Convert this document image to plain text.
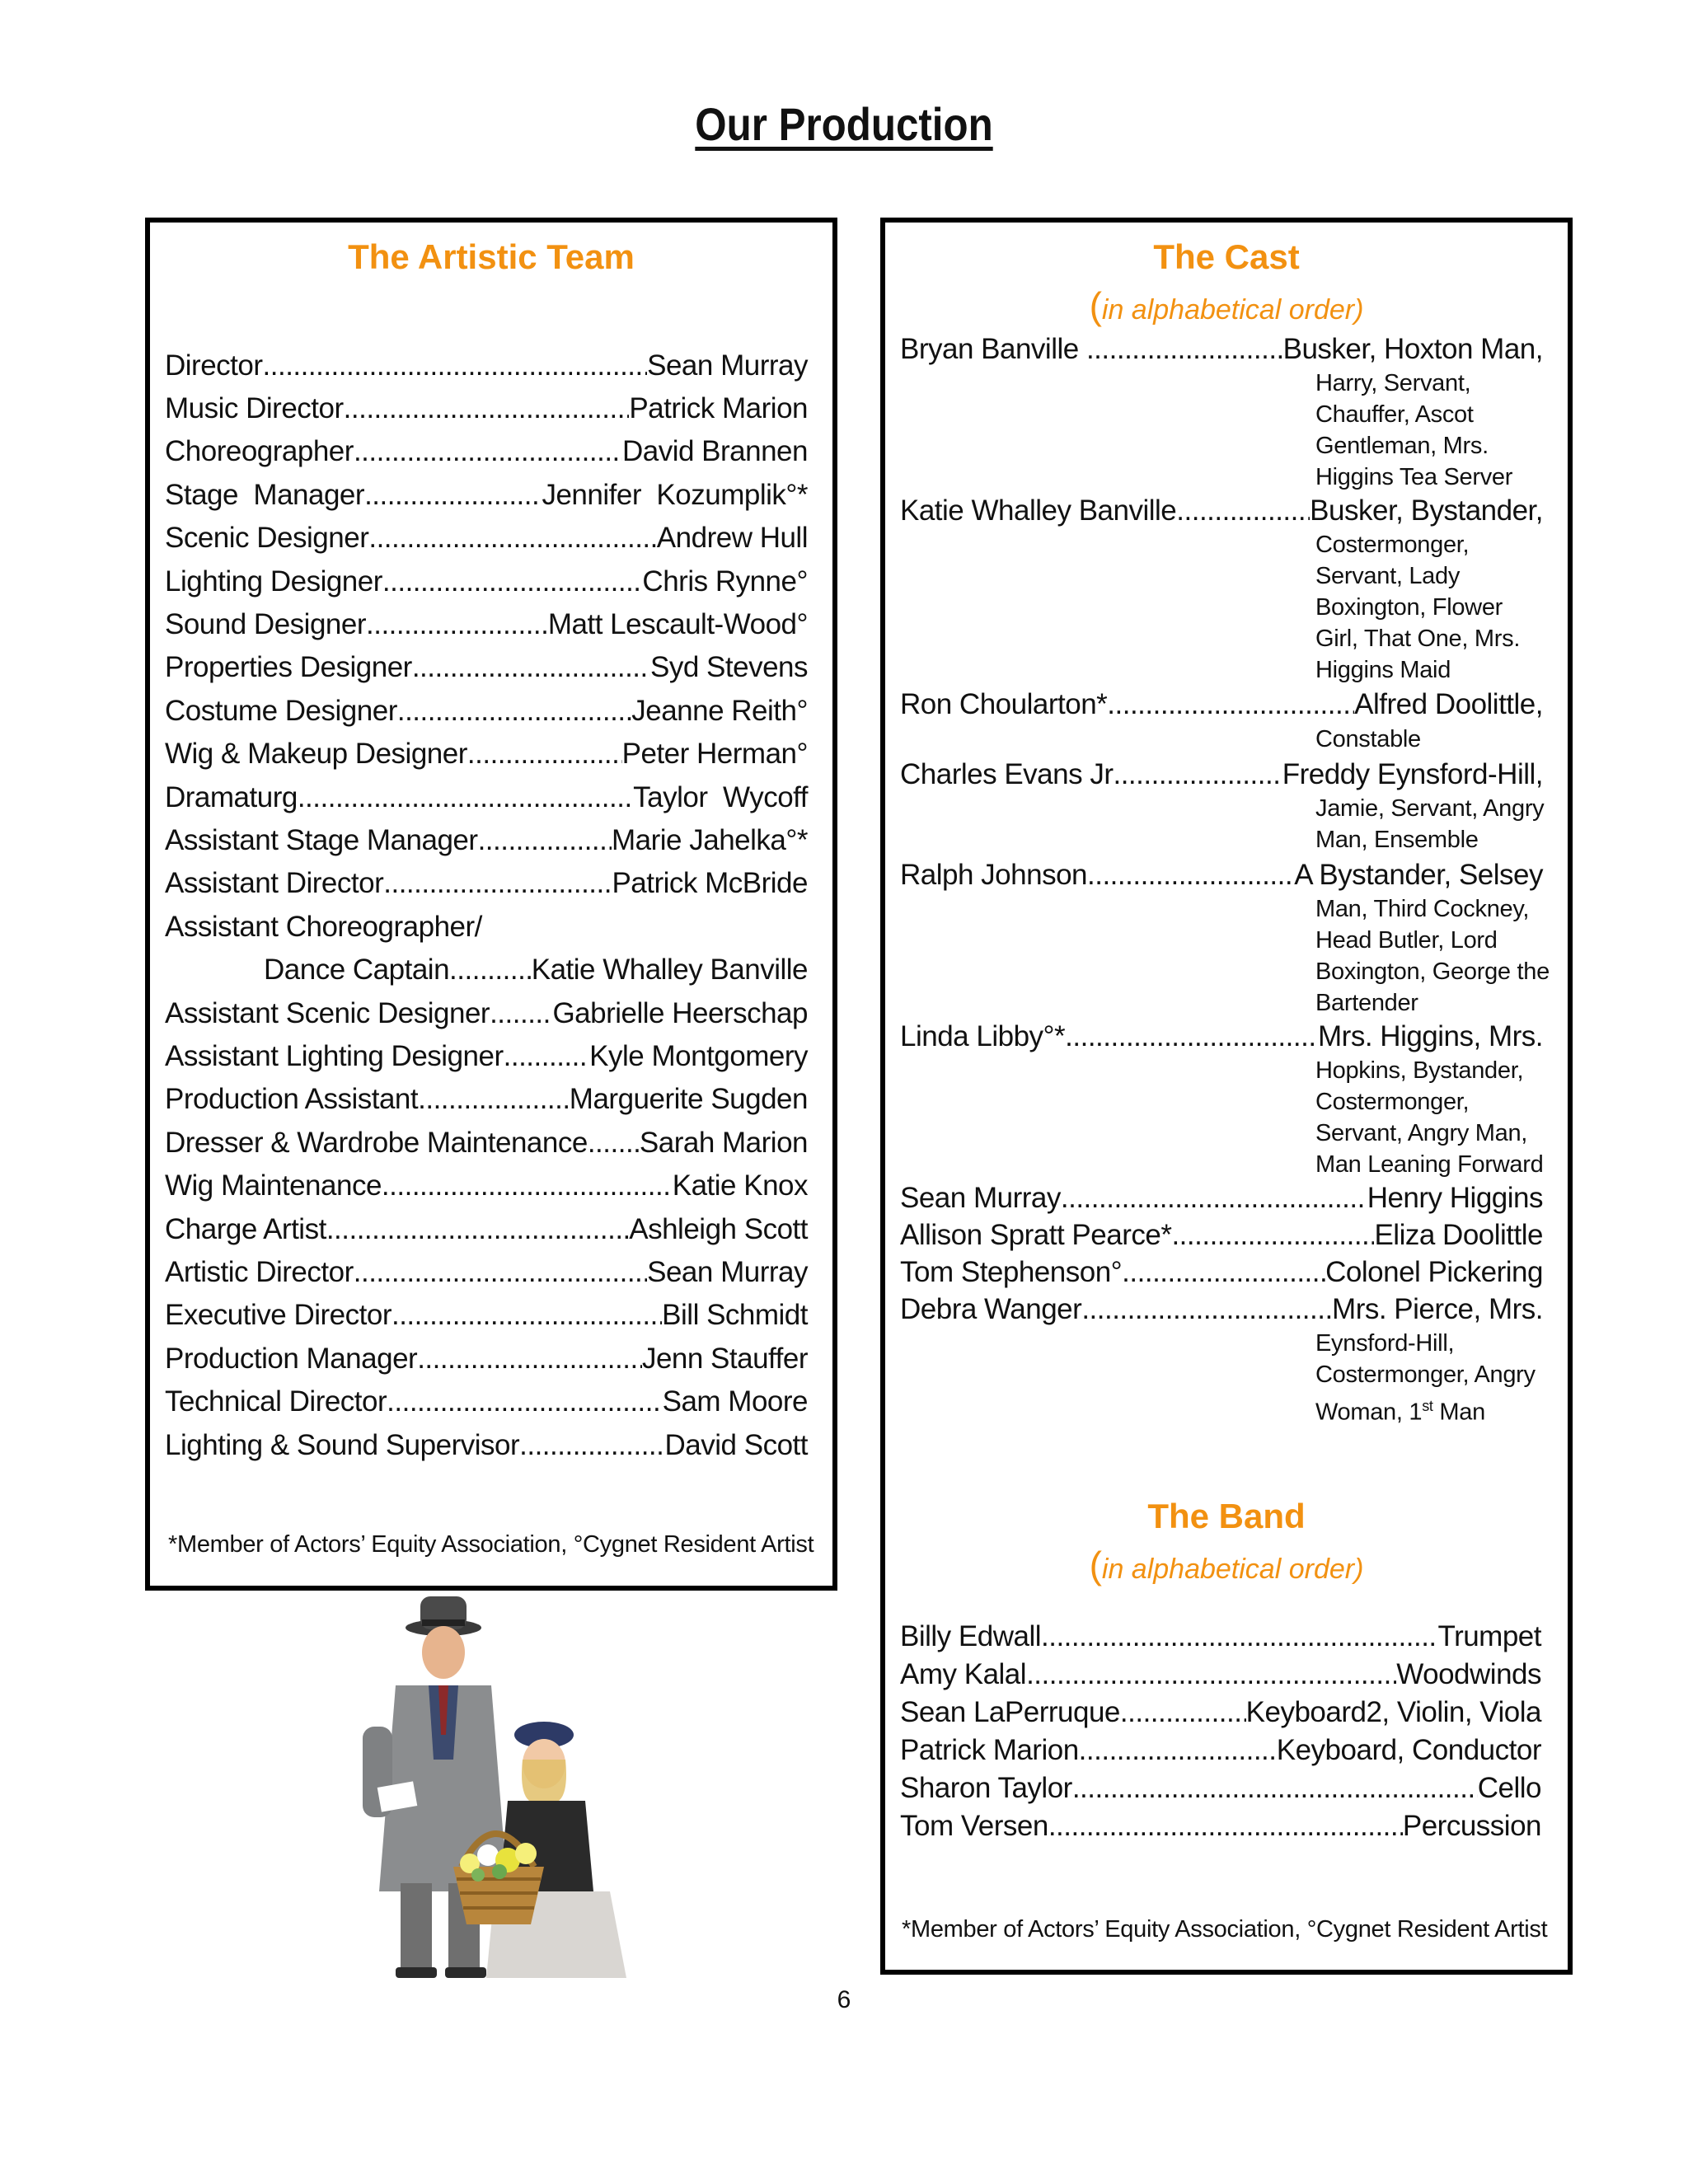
Our Production
The Artistic Team
Director .....	Sean Murray
Music Director .....	Patrick Marion
Choreographer .....	David Brannen
Stage  Manager .....	Jennifer  Kozumplik°*
Scenic Designer .....	Andrew Hull
Lighting Designer .....	Chris Rynne°
Sound Designer .....	Matt Lescault-Wood°
Properties Designer .....	Syd Stevens
Costume Designer .....	Jeanne Reith°
Wig & Makeup Designer .....	Peter Herman°
Dramaturg .....	Taylor  Wycoff
Assistant Stage Manager .....	Marie Jahelka°*
Assistant Director .....	Patrick McBride
Assistant Choreographer/
Dance Captain .....	Katie Whalley Banville
Assistant Scenic Designer ..... Gabrielle Heerschap
Assistant Lighting Designer .....	Kyle Montgomery
Production Assistant .....	Marguerite Sugden
Dresser & Wardrobe Maintenance ..... Sarah Marion
Wig Maintenance .....	Katie Knox
Charge Artist .....	Ashleigh Scott
Artistic Director .....	Sean Murray
Executive Director .....	Bill Schmidt
Production Manager .....	Jenn Stauffer
Technical Director .....	Sam Moore
Lighting & Sound Supervisor .....	David Scott
*Member of Actors’ Equity Association, °Cygnet Resident Artist
The Cast
(in alphabetical order)
The Band
(in alphabetical order)
Bryan Banville .....	Busker, Hoxton Man,
Harry, Servant,
Chauffer, Ascot
Gentleman, Mrs.
Higgins Tea Server
Katie Whalley Banville .....	Busker, Bystander,
Costermonger,
Servant, Lady
Boxington, Flower
Girl, That One, Mrs.
Higgins Maid
Ron Choularton* .....	Alfred Doolittle,
Constable
Charles Evans Jr .....	Freddy Eynsford-Hill,
Jamie, Servant, Angry
Man, Ensemble
Ralph Johnson .....	A Bystander, Selsey
Man, Third Cockney,
Head Butler, Lord
Boxington, George the
Bartender
Linda Libby°* .....	Mrs. Higgins, Mrs.
Hopkins, Bystander,
Costermonger,
Servant, Angry Man,
Man Leaning Forward
Sean Murray .....	Henry Higgins
Allison Spratt Pearce* .....	Eliza Doolittle
Tom Stephenson° .....	Colonel Pickering
Debra Wanger .....	Mrs. Pierce, Mrs.
Eynsford-Hill,
Costermonger, Angry
Woman, 1st Man
Billy Edwall .....	Trumpet
Amy Kalal .....	Woodwinds
Sean LaPerruque .....	Keyboard2, Violin, Viola
Patrick Marion .....	Keyboard, Conductor
Sharon Taylor .....	Cello
Tom Versen .....	Percussion
*Member of Actors’ Equity Association, °Cygnet Resident Artist
6
